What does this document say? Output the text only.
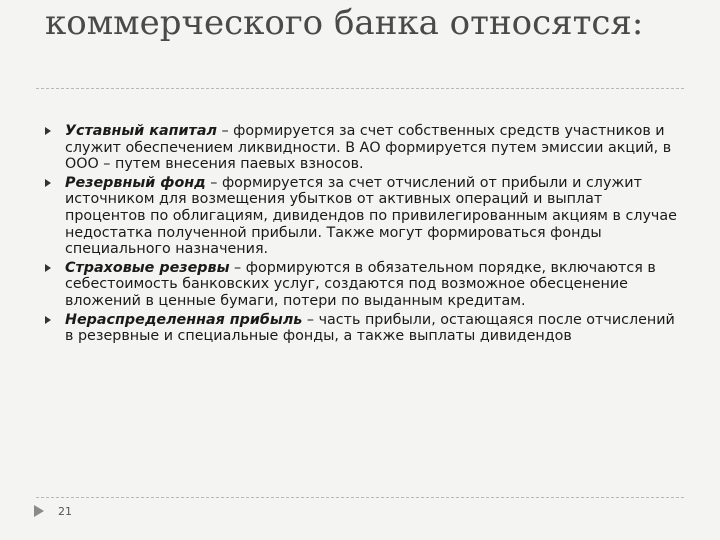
коммерческого банка относятся:
Уставный капитал – формируется за счет собственных средств участников и служит обеспечением ликвидности. В АО формируется путем эмиссии акций, в ООО – путем внесения паевых взносов.
Резервный фонд – формируется за счет отчислений от прибыли и служит источником для возмещения убытков от активных операций и выплат процентов по облигациям, дивидендов по привилегированным акциям в случае недостатка полученной прибыли. Также могут формироваться фонды специального назначения.
Страховые резервы – формируются в обязательном порядке, включаются в себестоимость банковских услуг, создаются под возможное обесценение вложений в ценные бумаги, потери по выданным кредитам.
Нераспределенная прибыль – часть прибыли, остающаяся после отчислений в резервные и специальные фонды, а также выплаты дивидендов
21
